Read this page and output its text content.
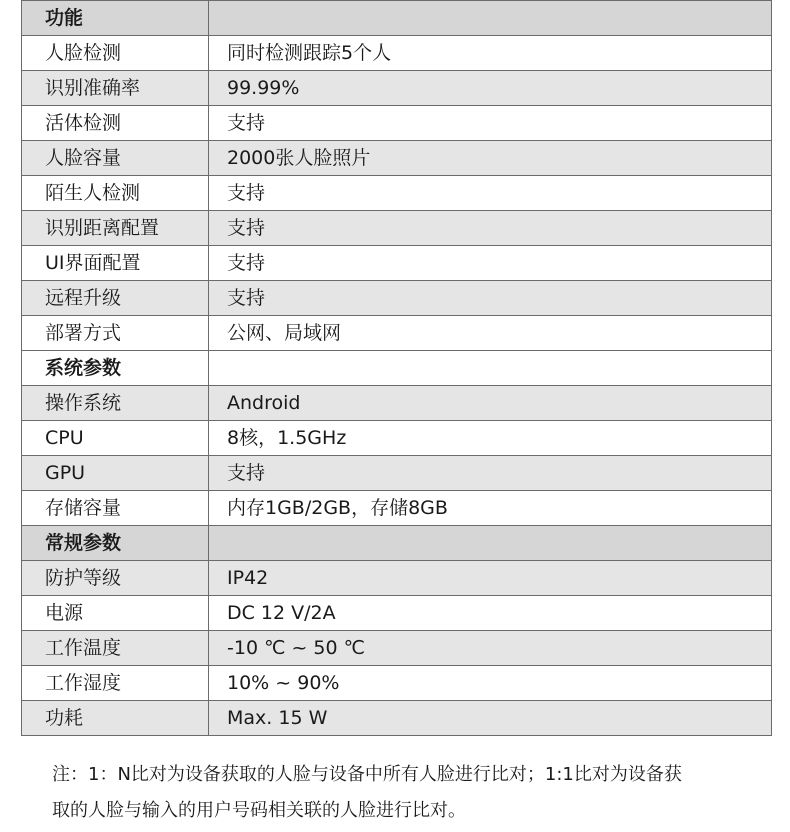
功能	
人脸检测	同时检测跟踪5个人
识别准确率	99.99%
活体检测	支持
人脸容量	2000张人脸照片
陌生人检测	支持
识别距离配置	支持
UI界面配置	支持
远程升级	支持
部署方式	公网、局域网
系统参数	
操作系统	Android
CPU	8核，1.5GHz
GPU	支持
存储容量	内存1GB/2GB，存储8GB
常规参数	
防护等级	IP42
电源	DC 12 V/2A
工作温度	-10 ℃ ~ 50 ℃
工作湿度	10% ~ 90%
功耗	Max. 15 W
注：1：N比对为设备获取的人脸与设备中所有人脸进行比对；1:1比对为设备获
取的人脸与输入的用户号码相关联的人脸进行比对。
